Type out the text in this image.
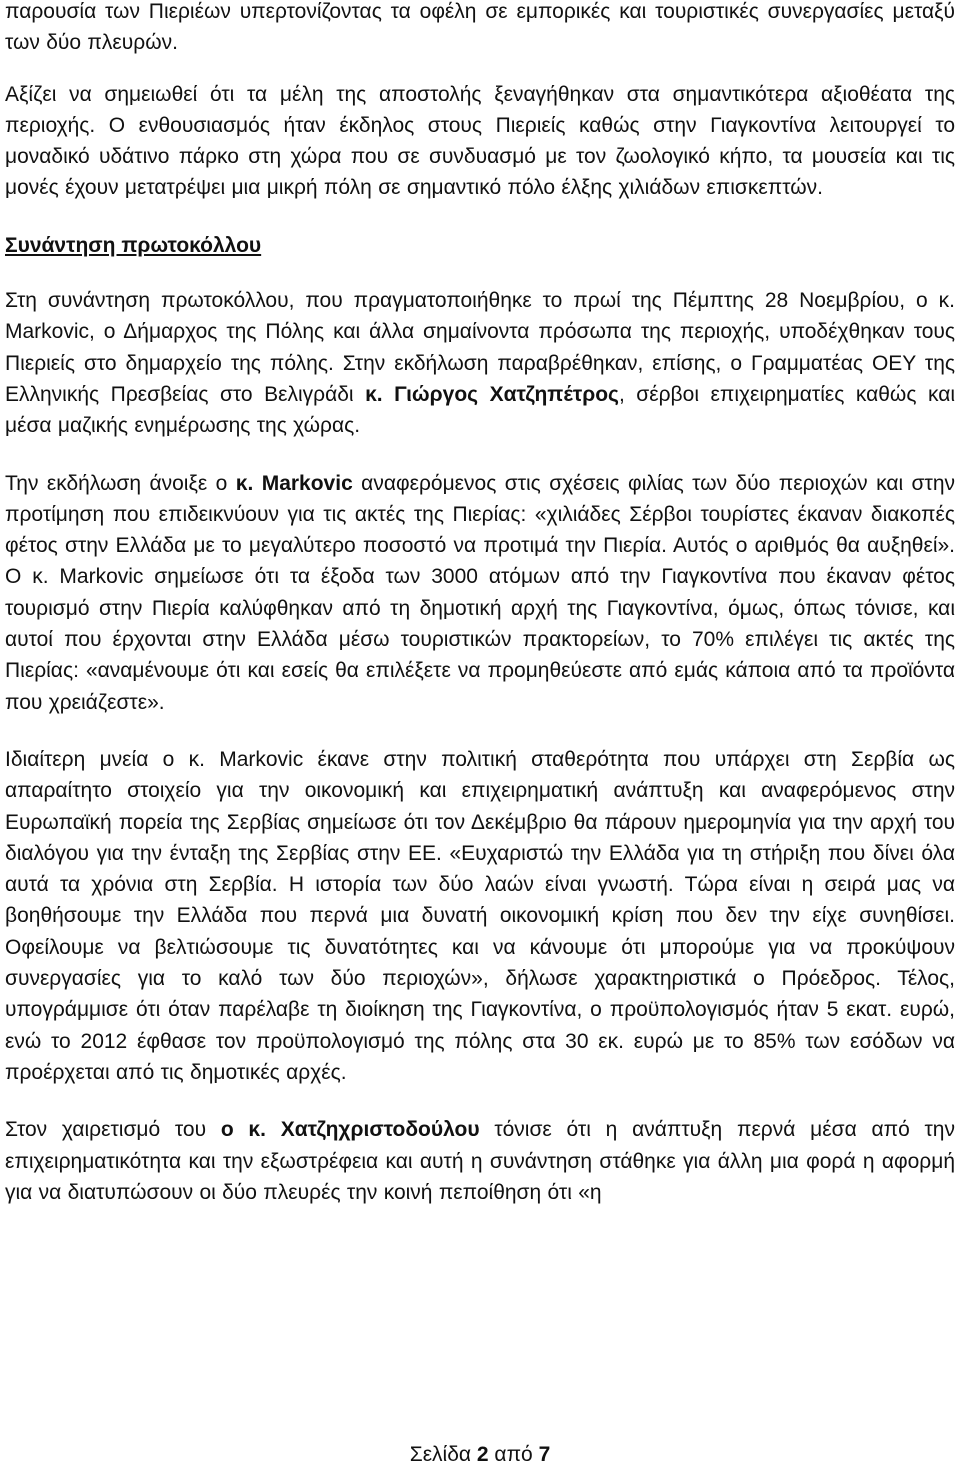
παρουσία των Πιεριέων υπερτονίζοντας τα οφέλη σε εμπορικές και τουριστικές συνεργασίες μεταξύ των δύο πλευρών.

Αξίζει να σημειωθεί ότι τα μέλη της αποστολής ξεναγήθηκαν στα σημαντικότερα αξιοθέατα της περιοχής. Ο ενθουσιασμός ήταν έκδηλος στους Πιεριείς καθώς στην Γιαγκοντίνα λειτουργεί το μοναδικό υδάτινο πάρκο στη χώρα που σε συνδυασμό με τον ζωολογικό κήπο, τα μουσεία και τις μονές έχουν μετατρέψει μια μικρή πόλη σε σημαντικό πόλο έλξης χιλιάδων επισκεπτών.

Συνάντηση πρωτοκόλλου

Στη συνάντηση πρωτοκόλλου, που πραγματοποιήθηκε το πρωί της Πέμπτης 28 Νοεμβρίου, ο κ. Markovic, ο Δήμαρχος της Πόλης και άλλα σημαίνοντα πρόσωπα της περιοχής, υποδέχθηκαν τους Πιεριείς στο δημαρχείο της πόλης. Στην εκδήλωση παραβρέθηκαν, επίσης, ο Γραμματέας ΟΕΥ της Ελληνικής Πρεσβείας στο Βελιγράδι κ. Γιώργος Χατζηπέτρος, σέρβοι επιχειρηματίες καθώς και μέσα μαζικής ενημέρωσης της χώρας.

Την εκδήλωση άνοιξε ο κ. Markovic αναφερόμενος στις σχέσεις φιλίας των δύο περιοχών και στην προτίμηση που επιδεικνύουν για τις ακτές της Πιερίας: «χιλιάδες Σέρβοι τουρίστες έκαναν διακοπές φέτος στην Ελλάδα με το μεγαλύτερο ποσοστό να προτιμά την Πιερία. Αυτός ο αριθμός θα αυξηθεί». Ο κ. Markovic σημείωσε ότι τα έξοδα των 3000 ατόμων από την Γιαγκοντίνα που έκαναν φέτος τουρισμό στην Πιερία καλύφθηκαν από τη δημοτική αρχή της Γιαγκοντίνα, όμως, όπως τόνισε, και αυτοί που έρχονται στην Ελλάδα μέσω τουριστικών πρακτορείων, το 70% επιλέγει τις ακτές της Πιερίας: «αναμένουμε ότι και εσείς θα επιλέξετε να προμηθεύεστε από εμάς κάποια από τα προϊόντα που χρειάζεστε».

Ιδιαίτερη μνεία ο κ. Markovic έκανε στην πολιτική σταθερότητα που υπάρχει στη Σερβία ως απαραίτητο στοιχείο για την οικονομική και επιχειρηματική ανάπτυξη και αναφερόμενος στην Ευρωπαϊκή πορεία της Σερβίας σημείωσε ότι τον Δεκέμβριο θα πάρουν ημερομηνία για την αρχή του διαλόγου για την ένταξη της Σερβίας στην ΕΕ. «Ευχαριστώ την Ελλάδα για τη στήριξη που δίνει όλα αυτά τα χρόνια στη Σερβία. Η ιστορία των δύο λαών είναι γνωστή. Τώρα είναι η σειρά μας να βοηθήσουμε την Ελλάδα που περνά μια δυνατή οικονομική κρίση που δεν την είχε συνηθίσει. Οφείλουμε να βελτιώσουμε τις δυνατότητες και να κάνουμε ότι μπορούμε για να προκύψουν συνεργασίες για το καλό των δύο περιοχών», δήλωσε χαρακτηριστικά ο Πρόεδρος. Τέλος, υπογράμμισε ότι όταν παρέλαβε τη διοίκηση της Γιαγκοντίνα, ο προϋπολογισμός ήταν 5 εκατ. ευρώ, ενώ το 2012 έφθασε τον προϋπολογισμό της πόλης στα 30 εκ. ευρώ με το 85% των εσόδων να προέρχεται από τις δημοτικές αρχές.

Στον χαιρετισμό του ο κ. Χατζηχριστοδούλου τόνισε ότι η ανάπτυξη περνά μέσα από την επιχειρηματικότητα και την εξωστρέφεια και αυτή η συνάντηση στάθηκε για άλλη μια φορά η αφορμή για να διατυπώσουν οι δύο πλευρές την κοινή πεποίθηση ότι «η

Σελίδα 2 από 7
